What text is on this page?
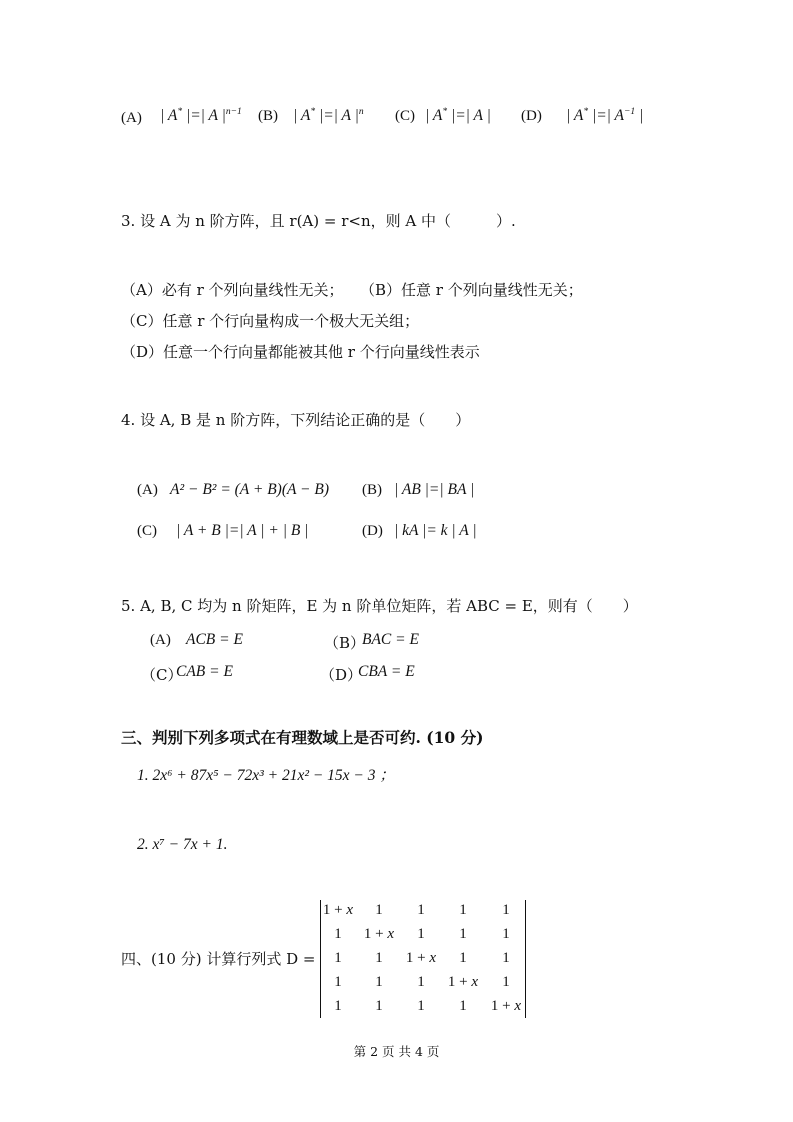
(A) | A* |=| A $|^{n-1}$ (B) | A* |=| A $|^n$ (C) | A* |=| A | (D) | A* |=| $A^{-1}$ |
3. 设 A 为 n 阶方阵，且 r(A) = r<n，则 A 中（　　　）.
（A）必有 r 个列向量线性无关； （B）任意 r 个列向量线性无关；
（C）任意 r 个行向量构成一个极大无关组；
（D）任意一个行向量都能被其他 r 个行向量线性表示
4. 设 A, B 是 n 阶方阵，下列结论正确的是（　　）
(A) A² − B² = (A + B)(A − B) (B) | AB |=| BA |
(C) | A + B |=| A | + | B |	(D) | kA |= k | A |
5. A, B, C 均为 n 阶矩阵，E 为 n 阶单位矩阵，若 ABC = E，则有（　　）
(A) ACB = E	（B）
BAC = E
（C）
CAB = E	（D）
CBA = E
三、判别下列多项式在有理数域上是否可约. (10 分)
1. 2x⁶ + 87x⁵ − 72x³ + 21x² − 15x − 3 ；
2. x⁷ − 7x + 1.
四、(10 分) 计算行列式 D =
1 + x 1 1 1 1
1 1 + x 1 1 1
1 1 1 + x 1 1
1 1 1 1 + x 1
1 1 1 1 1 + x
第 2 页 共 4 页
